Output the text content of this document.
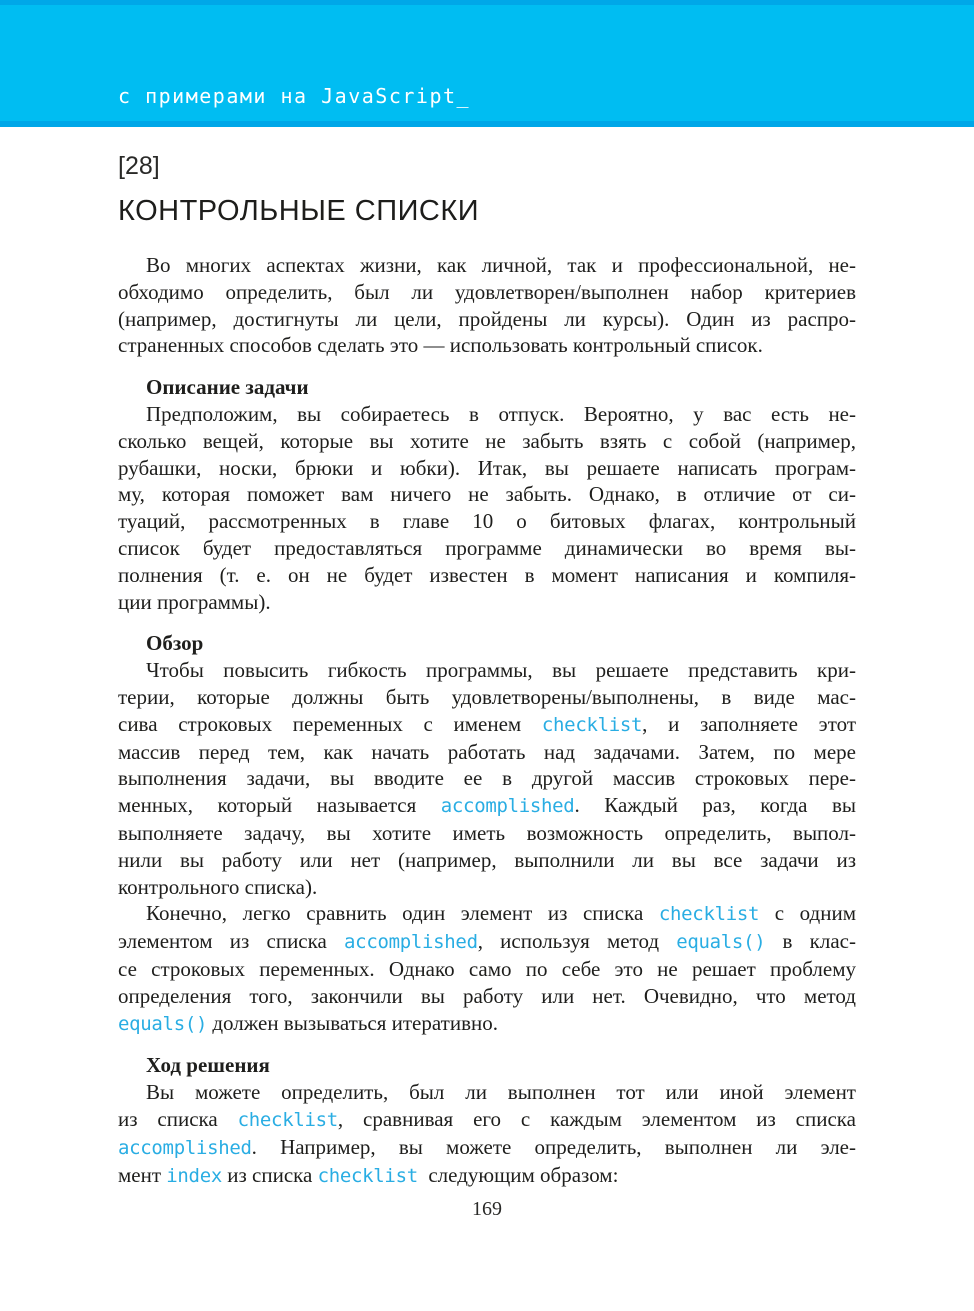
с примерами на JavaScript_
[28]
КОНТРОЛЬНЫЕ СПИСКИ
Во многих аспектах жизни, как личной, так и профессиональной, не-
обходимо определить, был ли удовлетворен/выполнен набор критериев
(например, достигнуты ли цели, пройдены ли курсы). Один из распро-
страненных способов сделать это — использовать контрольный список.
Описание задачи
Предположим, вы собираетесь в отпуск. Вероятно, у вас есть не-
сколько вещей, которые вы хотите не забыть взять с собой (например,
рубашки, носки, брюки и юбки). Итак, вы решаете написать програм-
му, которая поможет вам ничего не забыть. Однако, в отличие от си-
туаций, рассмотренных в главе 10 о битовых флагах, контрольный
список будет предоставляться программе динамически во время вы-
полнения (т. е. он не будет известен в момент написания и компиля-
ции программы).
Обзор
Чтобы повысить гибкость программы, вы решаете представить кри-
терии, которые должны быть удовлетворены/выполнены, в виде мас-
сива строковых переменных с именем checklist, и заполняете этот
массив перед тем, как начать работать над задачами. Затем, по мере
выполнения задачи, вы вводите ее в другой массив строковых пере-
менных, который называется accomplished. Каждый раз, когда вы
выполняете задачу, вы хотите иметь возможность определить, выпол-
нили вы работу или нет (например, выполнили ли вы все задачи из
контрольного списка).
Конечно, легко сравнить один элемент из списка checklist с одним
элементом из списка accomplished, используя метод equals() в клас-
се строковых переменных. Однако само по себе это не решает проблему
определения того, закончили вы работу или нет. Очевидно, что метод
equals() должен вызываться итеративно.
Ход решения
Вы можете определить, был ли выполнен тот или иной элемент
из списка checklist, сравнивая его с каждым элементом из списка
accomplished. Например, вы можете определить, выполнен ли эле-
мент index из списка checklist  следующим образом:
169
